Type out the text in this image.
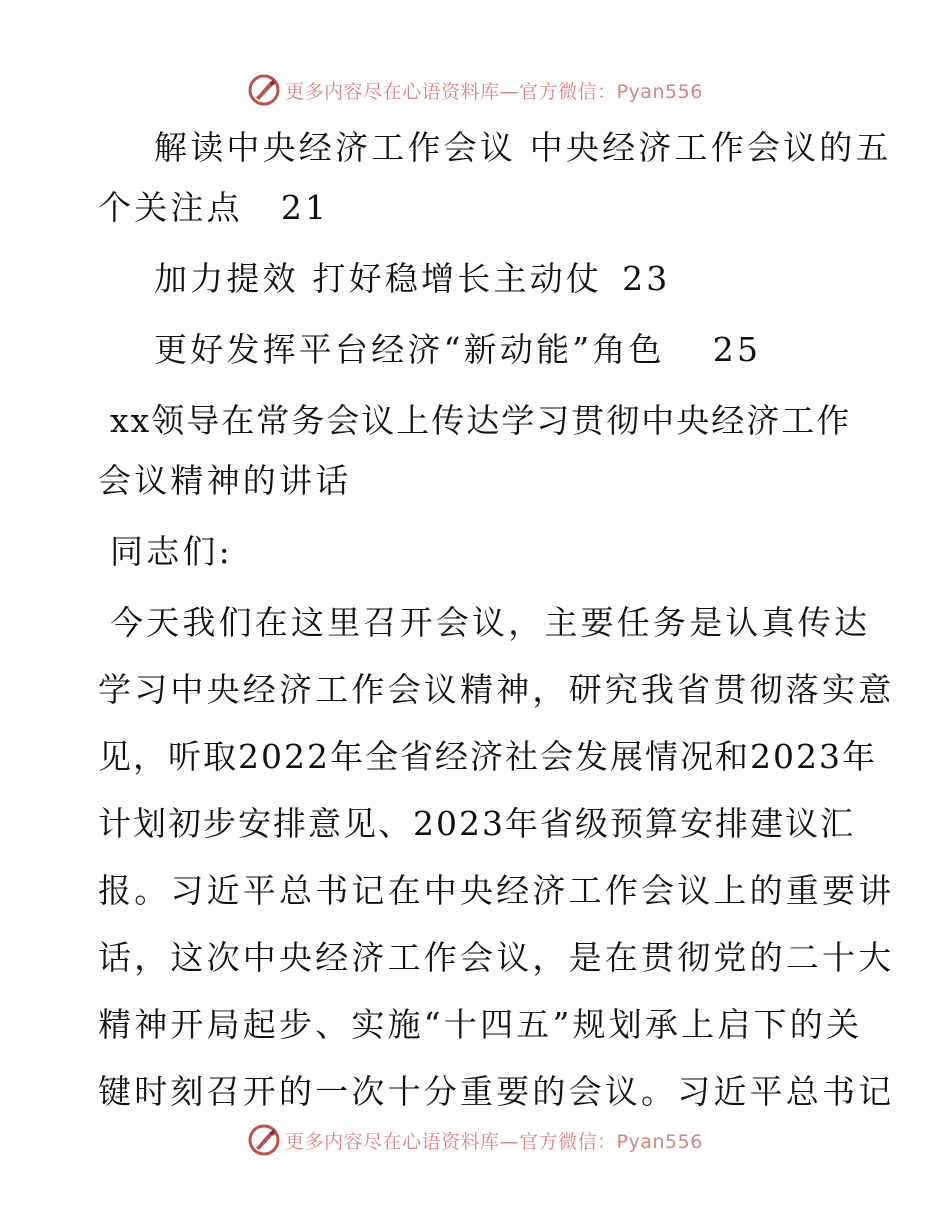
更多内容尽在心语资料库—官方微信：Pyan556

解读中央经济工作会议 中央经济工作会议的五

个关注点 21

加力提效 打好稳增长主动仗 23

更好发挥平台经济“新动能”角色 25

xx领导在常务会议上传达学习贯彻中央经济工作

会议精神的讲话

同志们:

今天我们在这里召开会议，主要任务是认真传达

学习中央经济工作会议精神，研究我省贯彻落实意

见，听取2022年全省经济社会发展情况和2023年

计划初步安排意见、2023年省级预算安排建议汇

报。习近平总书记在中央经济工作会议上的重要讲

话，这次中央经济工作会议，是在贯彻党的二十大

精神开局起步、实施“十四五”规划承上启下的关

键时刻召开的一次十分重要的会议。习近平总书记

更多内容尽在心语资料库—官方微信：Pyan556
